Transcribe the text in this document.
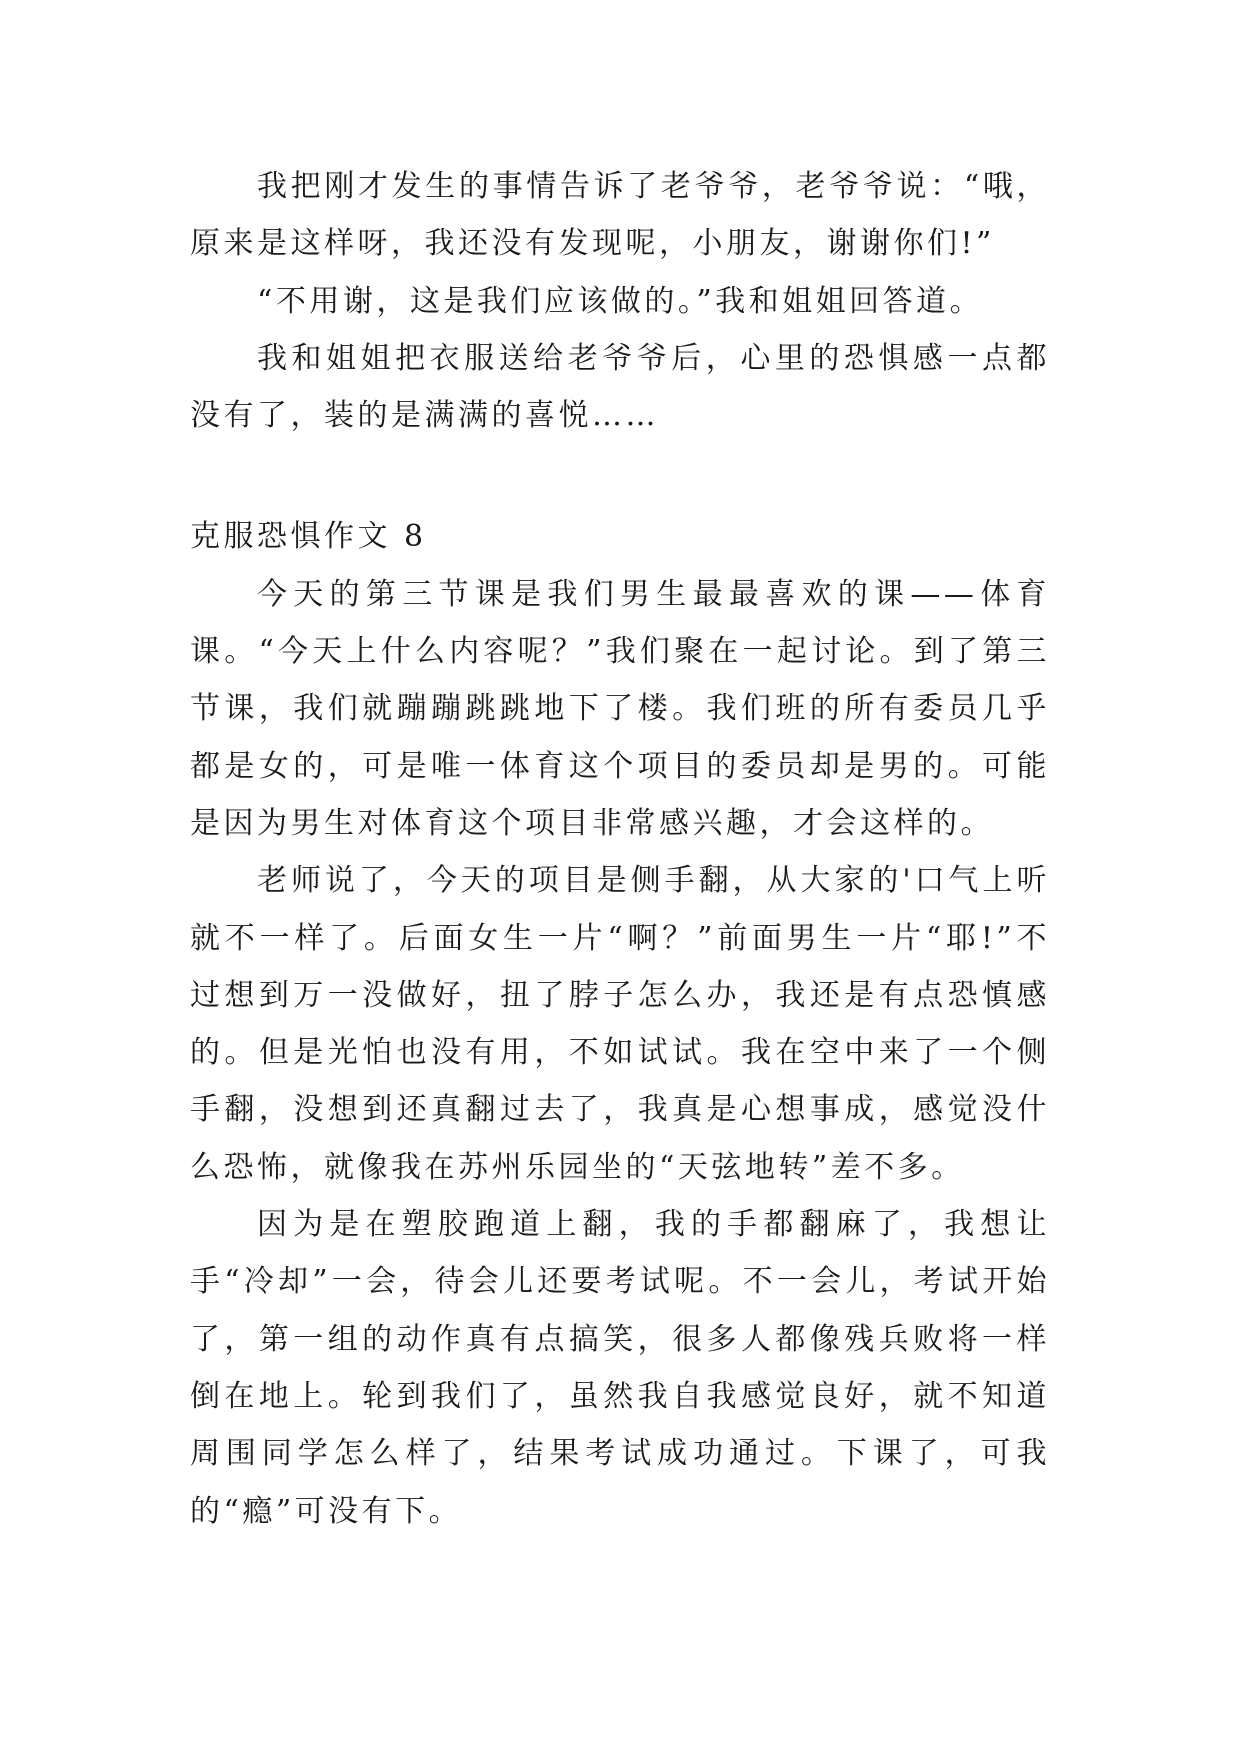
我把刚才发生的事情告诉了老爷爷，老爷爷说：“哦，原来是这样呀，我还没有发现呢，小朋友，谢谢你们!”

“不用谢，这是我们应该做的。”我和姐姐回答道。

我和姐姐把衣服送给老爷爷后，心里的恐惧感一点都没有了，装的是满满的喜悦……

克服恐惧作文 8

今天的第三节课是我们男生最最喜欢的课——体育课。“今天上什么内容呢？”我们聚在一起讨论。到了第三节课，我们就蹦蹦跳跳地下了楼。我们班的所有委员几乎都是女的，可是唯一体育这个项目的委员却是男的。可能是因为男生对体育这个项目非常感兴趣，才会这样的。

老师说了，今天的项目是侧手翻，从大家的'口气上听就不一样了。后面女生一片“啊？”前面男生一片“耶!”不过想到万一没做好，扭了脖子怎么办，我还是有点恐慎感的。但是光怕也没有用，不如试试。我在空中来了一个侧手翻，没想到还真翻过去了，我真是心想事成，感觉没什么恐怖，就像我在苏州乐园坐的“天弦地转”差不多。

因为是在塑胶跑道上翻，我的手都翻麻了，我想让手“冷却”一会，待会儿还要考试呢。不一会儿，考试开始了，第一组的动作真有点搞笑，很多人都像残兵败将一样倒在地上。轮到我们了，虽然我自我感觉良好，就不知道周围同学怎么样了，结果考试成功通过。下课了，可我的“瘾”可没有下。
